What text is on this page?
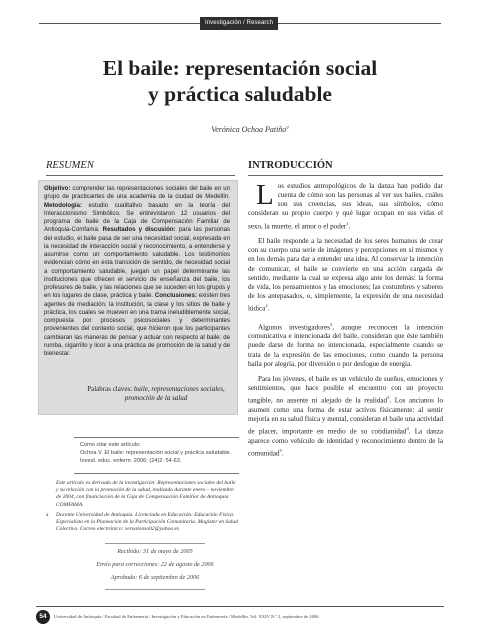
Investigación / Research
El baile: representación social
y práctica saludable
Verónica Ochoa Patiño$^a$
RESUMEN
Objetivo: comprender las representaciones sociales del baile en un grupo de practicantes de una academia de la ciudad de Medellín. Metodología: estudio cualitativo basado en la teoría del Interaccionismo Simbólico. Se entrevistaron 12 usuarios del programa de baile de la Caja de Compensación Familiar de Antioquia-Comfama. Resultados y discusión: para las personas del estudio, el baile pasa de ser una necesidad social, expresada en la necesidad de interacción social y reconocimiento, a entenderse y asumirse como un comportamiento saludable. Los testimonios evidencian cómo en esta transición de sentido, de necesidad social a comportamiento saludable, juegan un papel determinante las instituciones que ofrecen el servicio de enseñanza del baile, los profesores de baile, y las relaciones que se suceden en los grupos y en los lugares de clase, práctica y baile. Conclusiones: existen tres agentes de mediación: la institución, la clase y los sitios de baile y práctica, los cuales se mueven en una trama ineludiblemente social, compuesta por procesos psicosociales y determinantes provenientes del contexto social, que hicieron que los participantes cambiaran las maneras de pensar y actuar con respecto al baile: de rumba, cigarrillo y licor a una práctica de promoción de la salud y de bienestar.
Palabras claves: baile, representaciones sociales, promoción de la salud
Cómo citar este artículo:
Ochoa V. El baile: representación social y práctica saludable. Invest. educ. enferm. 2006; (24)2: 54-63.
Este artículo es derivado de la investigación: Representaciones sociales del baile y su relación con la promoción de la salud, realizado durante enero – noviembre de 2004, con financiación de la Caja de Compensación Familiar de Antioquia COMFAMA.
a	Docente Universidad de Antioquia. Licenciada en Educación: Educación Física. Especialista en la Planeación de la Participación Comunitaria. Magister en Salud Colectiva. Correo electrónico: veroalonso02@yahoo.es
Recibido: 31 de mayo de 2005
Envío para correcciones: 22 de agosto de 2006
Aprobado: 6 de septiembre de 2006
INTRODUCCIÓN

Los estudios antropológicos de la danza han podido dar cuenta de cómo son las personas al ver sus bailes, cuáles son sus creencias, sus ideas, sus símbolos, cómo consideran su propio cuerpo y qué lugar ocupan en sus vidas el sexo, la muerte, el amor o el poder$^1$.

El baile responde a la necesidad de los seres humanos de crear con su cuerpo una serie de imágenes y percepciones en sí mismos y en los demás para dar a entender una idea. Al conservar la intención de comunicar, el baile se convierte en una acción cargada de sentido, mediante la cual se expresa algo ante los demás: la forma de vida, los pensamientos y las emociones; las costumbres y saberes de los antepasados, o, simplemente, la expresión de una necesidad lúdica$^2$.

Algunos investigadores$^3$, aunque reconocen la intención comunicativa e intencionada del baile, consideran que éste también puede darse de forma no intencionada, especialmente cuando se trata de la expresión de las emociones, como cuando la persona baila por alegría, por diversión o por desfogue de energía.

Para los jóvenes, el baile es un vehículo de sueños, emociones y sentimientos, que hace posible el encuentro con un proyecto tangible, no ausente ni alejado de la realidad$^3$. Los ancianos lo asumen como una forma de estar activos físicamente: al sentir mejoría en su salud física y mental, consideran el baile una actividad de placer, importante en medio de su cotidianidad$^4$. La danza aparece como vehículo de identidad y reconocimiento dentro de la comunidad$^5$.

54	Universidad de Antioquia / Facultad de Enfermería / Investigación y Educación en Enfermería / Medellín, Vol. XXIV N.º 2, septiembre de 2006
